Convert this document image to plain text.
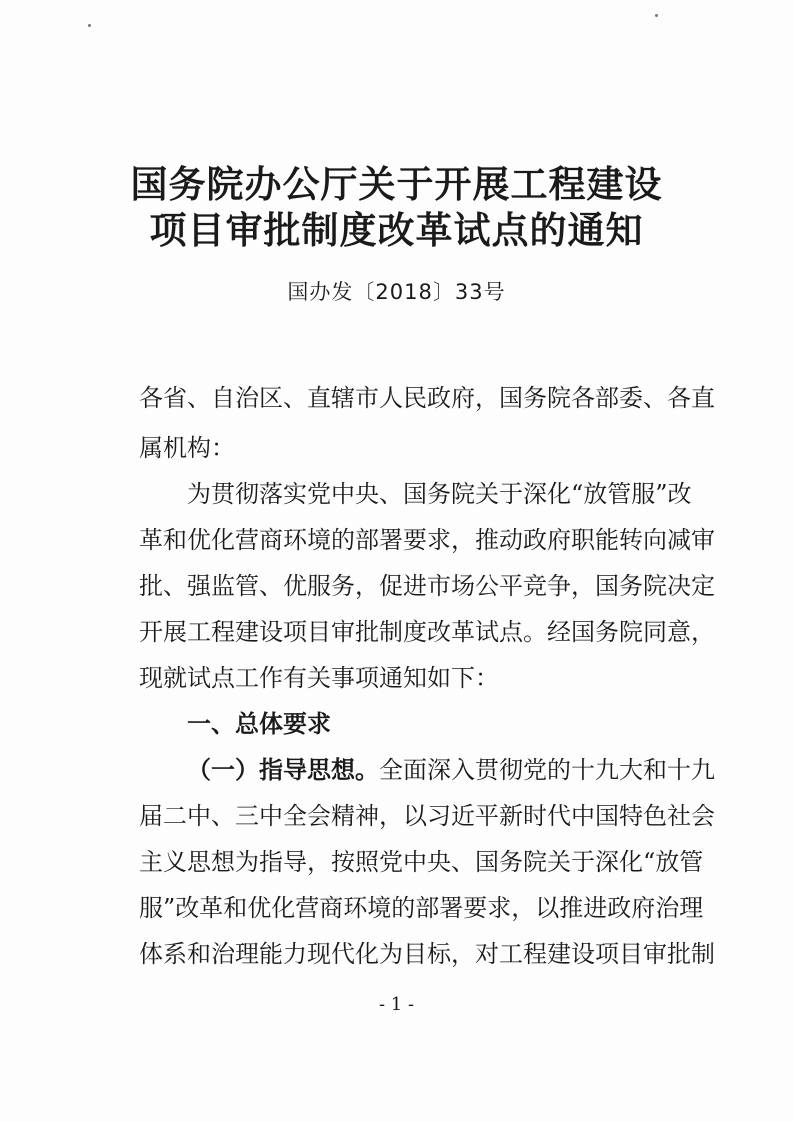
国务院办公厅关于开展工程建设
项目审批制度改革试点的通知
国办发〔2018〕33号
各省、自治区、直辖市人民政府，国务院各部委、各直
属机构：
为贯彻落实党中央、国务院关于深化“放管服”改
革和优化营商环境的部署要求，推动政府职能转向减审
批、强监管、优服务，促进市场公平竞争，国务院决定
开展工程建设项目审批制度改革试点。经国务院同意，
现就试点工作有关事项通知如下：
一、总体要求
（一）指导思想。全面深入贯彻党的十九大和十九
届二中、三中全会精神，以习近平新时代中国特色社会
主义思想为指导，按照党中央、国务院关于深化“放管
服”改革和优化营商环境的部署要求，以推进政府治理
体系和治理能力现代化为目标，对工程建设项目审批制
- 1 -
